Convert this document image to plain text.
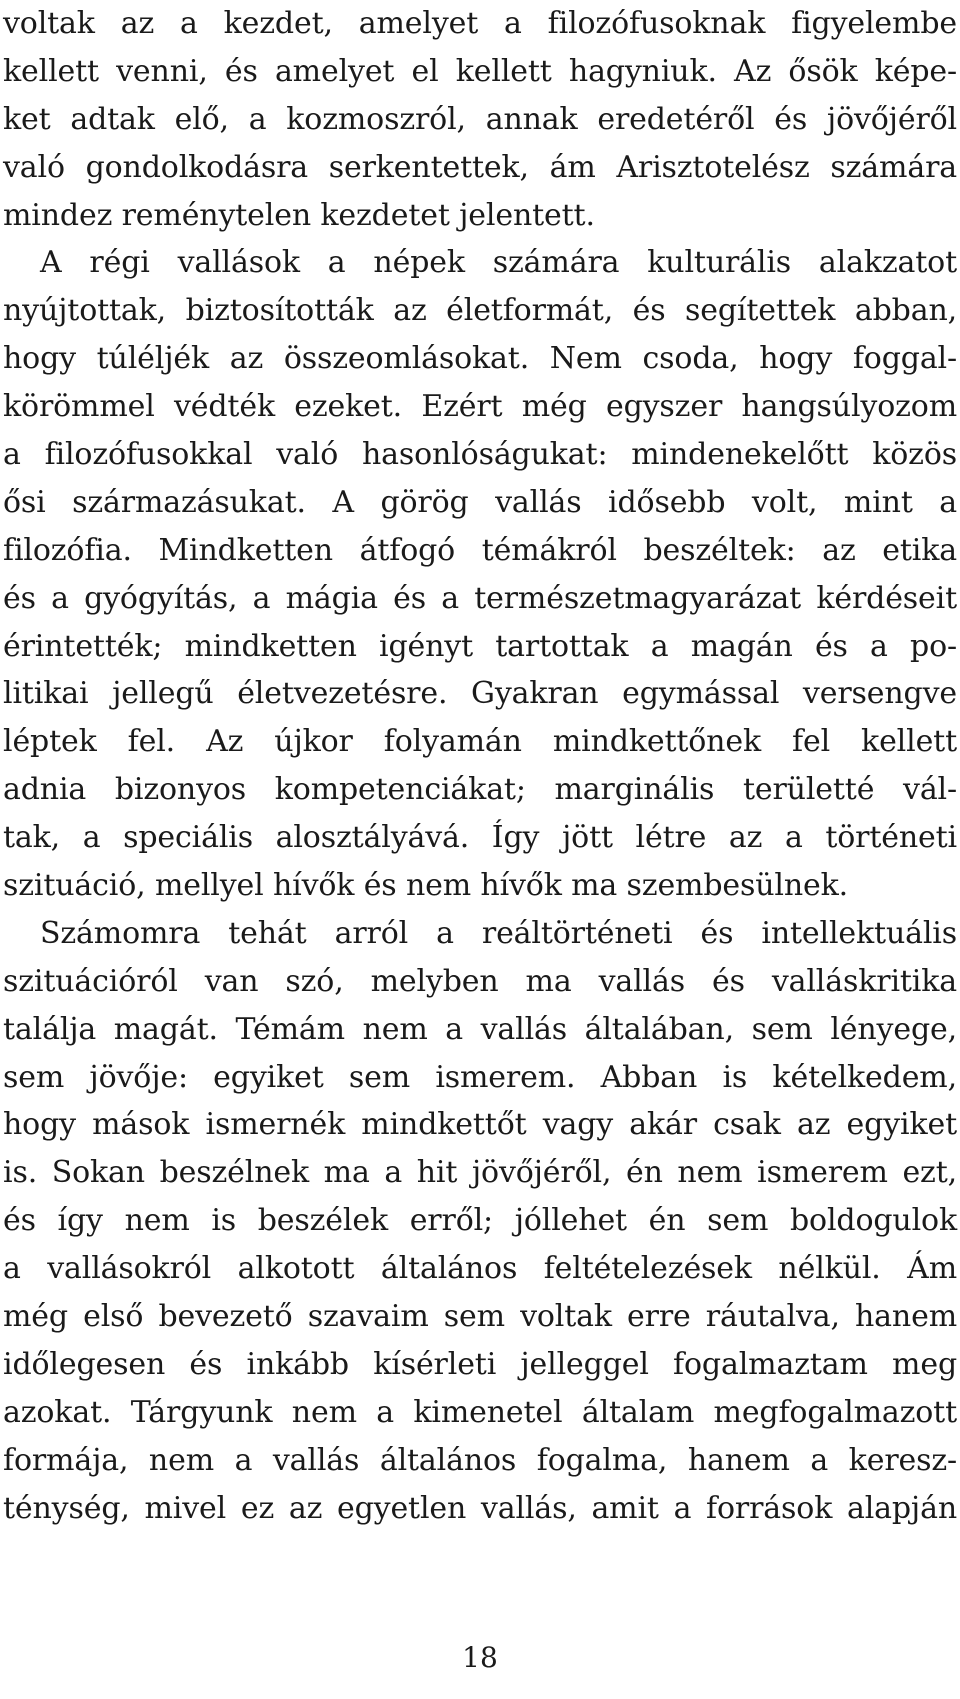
voltak az a kezdet, amelyet a filozófusoknak figyelembe
kellett venni, és amelyet el kellett hagyniuk. Az ősök képe-
ket adtak elő, a kozmoszról, annak eredetéről és jövőjéről
való gondolkodásra serkentettek, ám Arisztotelész számára
mindez reménytelen kezdetet jelentett.
A régi vallások a népek számára kulturális alakzatot
nyújtottak, biztosították az életformát, és segítettek abban,
hogy túléljék az összeomlásokat. Nem csoda, hogy foggal-
körömmel védték ezeket. Ezért még egyszer hangsúlyozom
a filozófusokkal való hasonlóságukat: mindenekelőtt közös
ősi származásukat. A görög vallás idősebb volt, mint a
filozófia. Mindketten átfogó témákról beszéltek: az etika
és a gyógyítás, a mágia és a természetmagyarázat kérdéseit
érintették; mindketten igényt tartottak a magán és a po-
litikai jellegű életvezetésre. Gyakran egymással versengve
léptek fel. Az újkor folyamán mindkettőnek fel kellett
adnia bizonyos kompetenciákat; marginális területté vál-
tak, a speciális alosztályává. Így jött létre az a történeti
szituáció, mellyel hívők és nem hívők ma szembesülnek.
Számomra tehát arról a reáltörténeti és intellektuális
szituációról van szó, melyben ma vallás és valláskritika
találja magát. Témám nem a vallás általában, sem lényege,
sem jövője: egyiket sem ismerem. Abban is kételkedem,
hogy mások ismernék mindkettőt vagy akár csak az egyiket
is. Sokan beszélnek ma a hit jövőjéről, én nem ismerem ezt,
és így nem is beszélek erről; jóllehet én sem boldogulok
a vallásokról alkotott általános feltételezések nélkül. Ám
még első bevezető szavaim sem voltak erre ráutalva, hanem
időlegesen és inkább kísérleti jelleggel fogalmaztam meg
azokat. Tárgyunk nem a kimenetel általam megfogalmazott
formája, nem a vallás általános fogalma, hanem a keresz-
ténység, mivel ez az egyetlen vallás, amit a források alapján
18
